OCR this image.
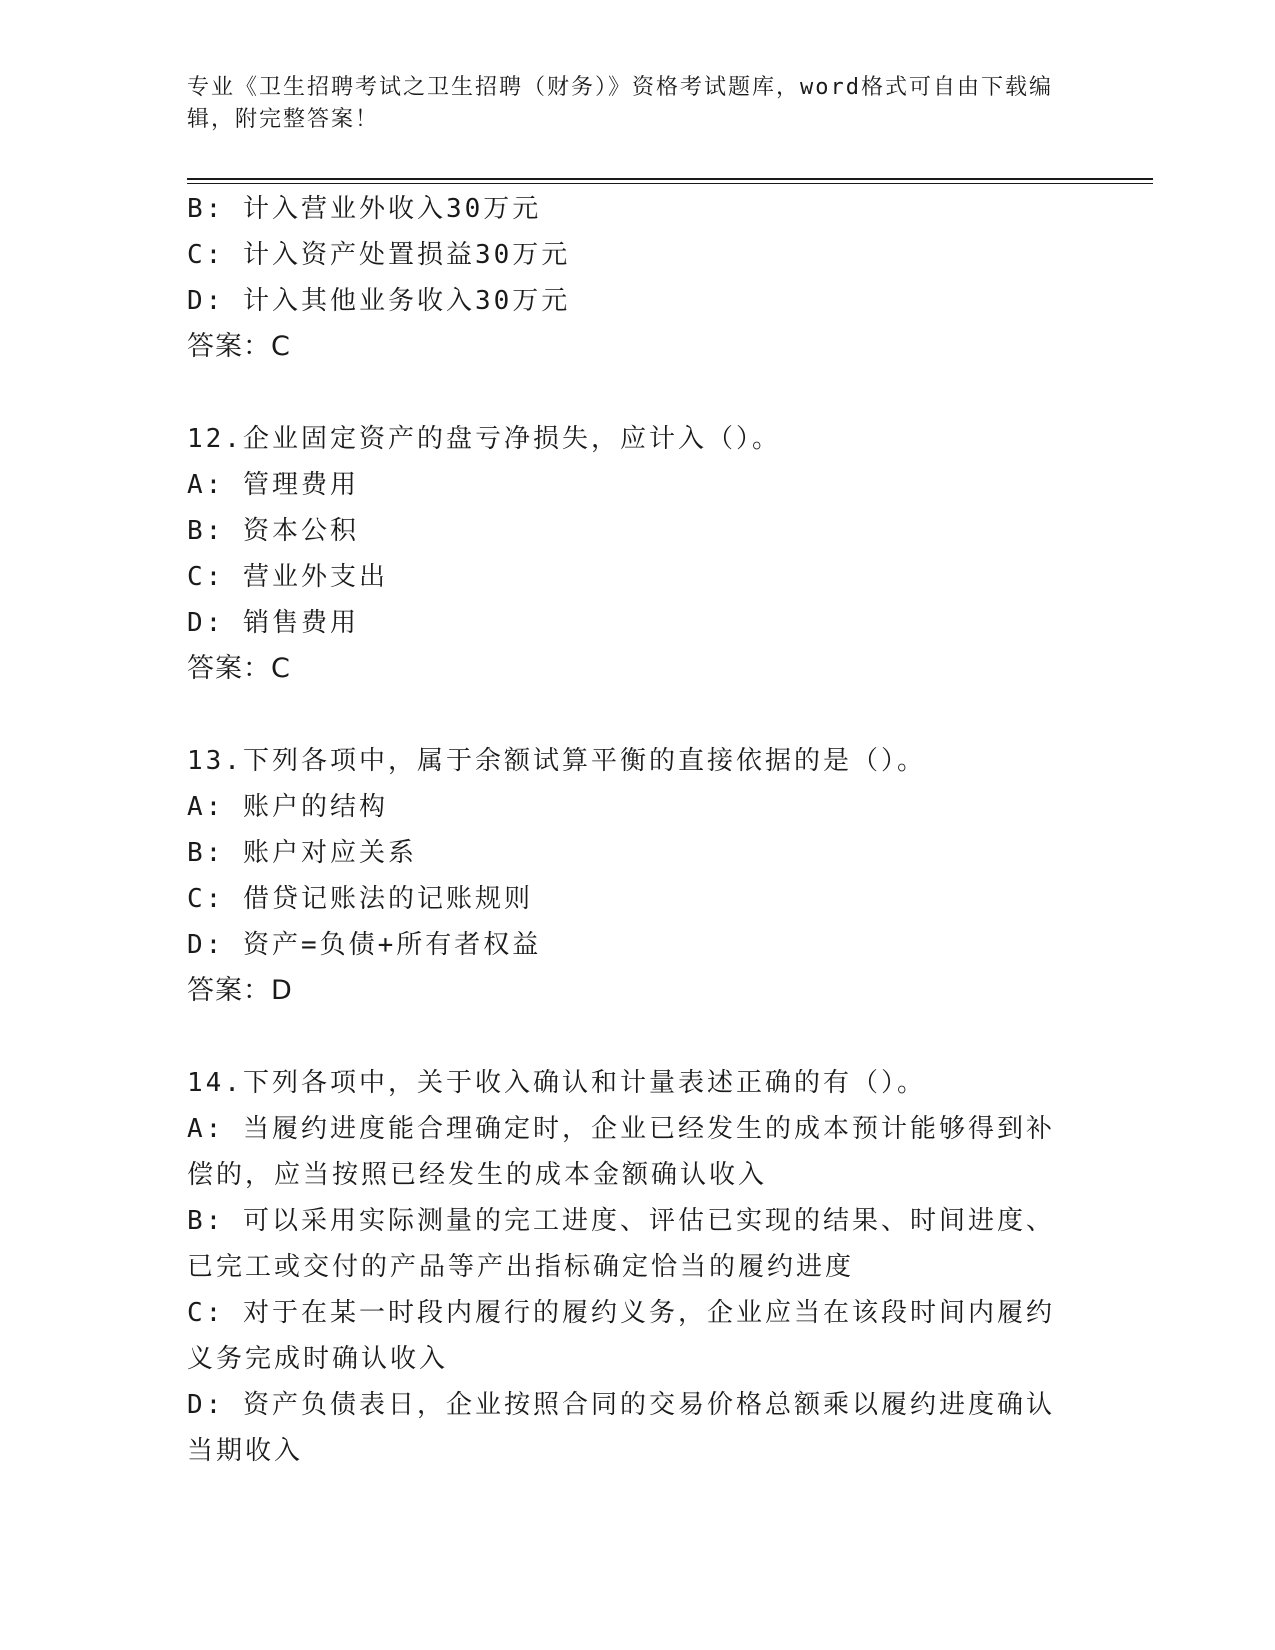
专业《卫生招聘考试之卫生招聘（财务）》资格考试题库，word格式可自由下载编辑，附完整答案！
B: 计入营业外收入30万元
C: 计入资产处置损益30万元
D: 计入其他业务收入30万元
答案：C
12.企业固定资产的盘亏净损失，应计入（）。
A: 管理费用
B: 资本公积
C: 营业外支出
D: 销售费用
答案：C
13.下列各项中，属于余额试算平衡的直接依据的是（）。
A: 账户的结构
B: 账户对应关系
C: 借贷记账法的记账规则
D: 资产=负债+所有者权益
答案：D
14.下列各项中，关于收入确认和计量表述正确的有（）。
A: 当履约进度能合理确定时，企业已经发生的成本预计能够得到补偿的，应当按照已经发生的成本金额确认收入
B: 可以采用实际测量的完工进度、评估已实现的结果、时间进度、已完工或交付的产品等产出指标确定恰当的履约进度
C: 对于在某一时段内履行的履约义务，企业应当在该段时间内履约义务完成时确认收入
D: 资产负债表日，企业按照合同的交易价格总额乘以履约进度确认当期收入
